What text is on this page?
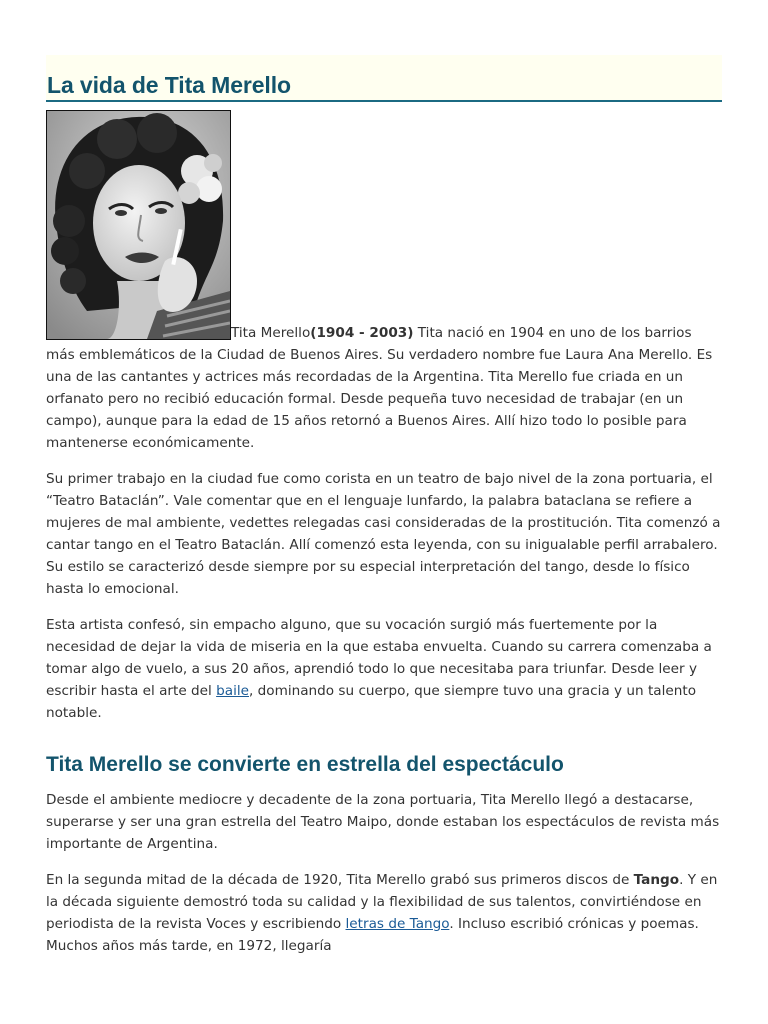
La vida de Tita Merello

Tita Merello(1904 - 2003) Tita nació en 1904 en uno de los barrios más emblemáticos de la Ciudad de Buenos Aires. Su verdadero nombre fue Laura Ana Merello. Es una de las cantantes y actrices más recordadas de la Argentina. Tita Merello fue criada en un orfanato pero no recibió educación formal. Desde pequeña tuvo necesidad de trabajar (en un campo), aunque para la edad de 15 años retornó a Buenos Aires. Allí hizo todo lo posible para mantenerse económicamente.

Su primer trabajo en la ciudad fue como corista en un teatro de bajo nivel de la zona portuaria, el “Teatro Bataclán”. Vale comentar que en el lenguaje lunfardo, la palabra bataclana se refiere a mujeres de mal ambiente, vedettes relegadas casi consideradas de la prostitución. Tita comenzó a cantar tango en el Teatro Bataclán. Allí comenzó esta leyenda, con su inigualable perfil arrabalero. Su estilo se caracterizó desde siempre por su especial interpretación del tango, desde lo físico hasta lo emocional.

Esta artista confesó, sin empacho alguno, que su vocación surgió más fuertemente por la necesidad de dejar la vida de miseria en la que estaba envuelta. Cuando su carrera comenzaba a tomar algo de vuelo, a sus 20 años, aprendió todo lo que necesitaba para triunfar. Desde leer y escribir hasta el arte del baile, dominando su cuerpo, que siempre tuvo una gracia y un talento notable.

Tita Merello se convierte en estrella del espectáculo

Desde el ambiente mediocre y decadente de la zona portuaria, Tita Merello llegó a destacarse, superarse y ser una gran estrella del Teatro Maipo, donde estaban los espectáculos de revista más importante de Argentina.

En la segunda mitad de la década de 1920, Tita Merello grabó sus primeros discos de Tango. Y en la década siguiente demostró toda su calidad y la flexibilidad de sus talentos, convirtiéndose en periodista de la revista Voces y escribiendo letras de Tango. Incluso escribió crónicas y poemas. Muchos años más tarde, en 1972, llegaría
